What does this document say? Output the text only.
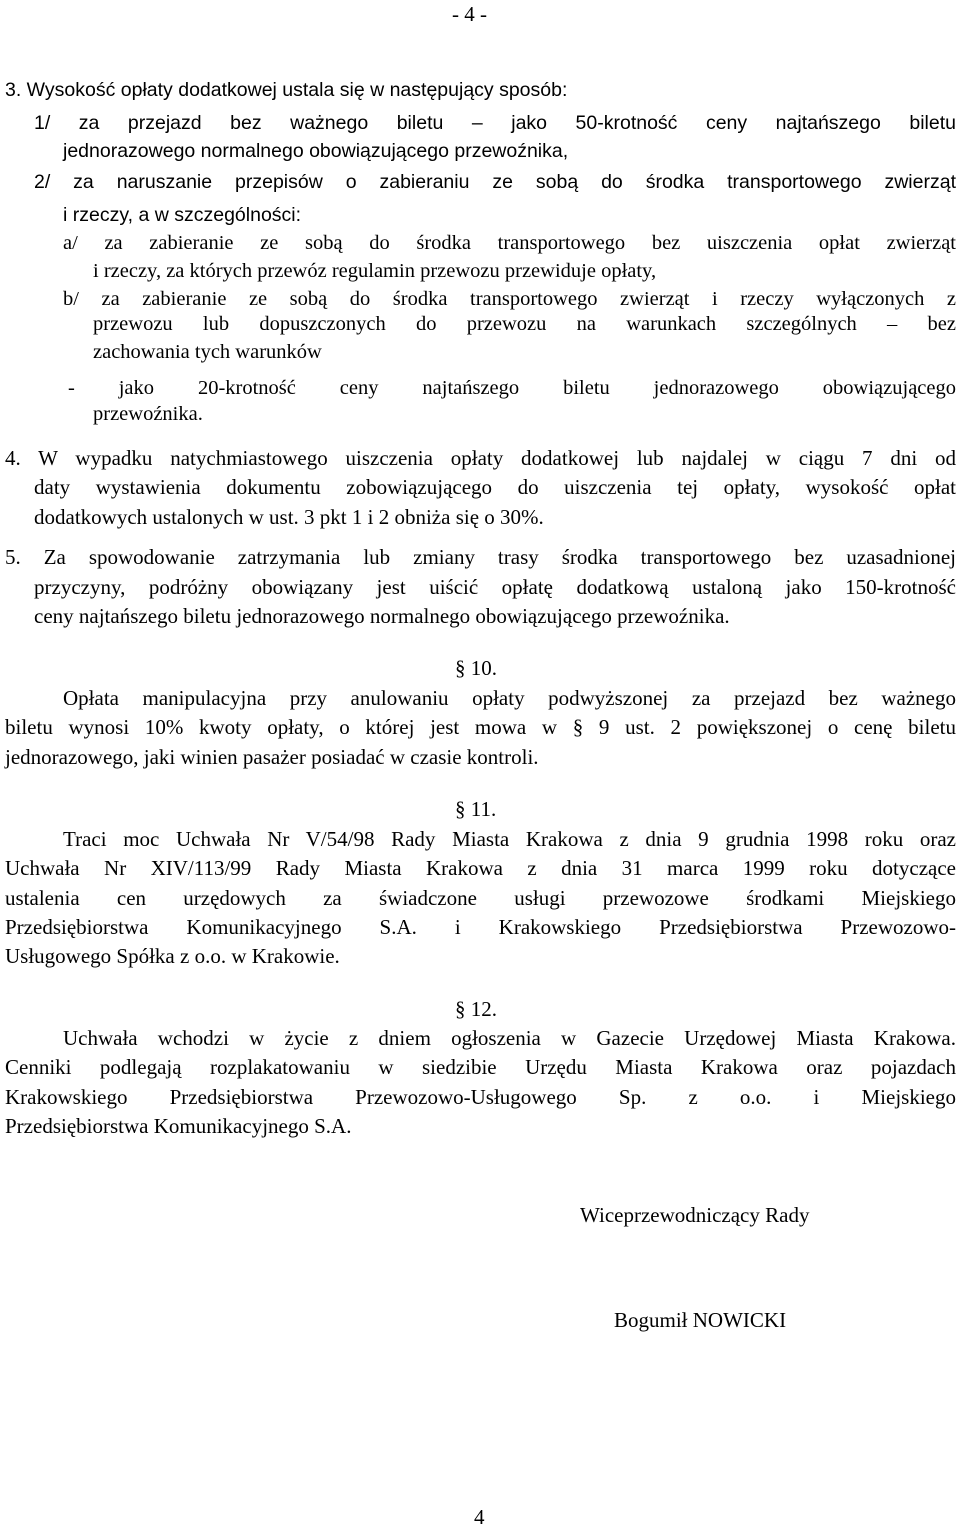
- 4 -
3. Wysokość opłaty dodatkowej ustala się w następujący sposób:
1/ za przejazd bez ważnego biletu – jako 50-krotność ceny najtańszego biletu
jednorazowego normalnego obowiązującego przewoźnika,
2/ za naruszanie przepisów o zabieraniu ze sobą do środka transportowego zwierząt
i rzeczy, a w szczególności:
a/ za zabieranie ze sobą do środka transportowego bez uiszczenia opłat zwierząt
i rzeczy, za których przewóz regulamin przewozu przewiduje opłaty,
b/ za zabieranie ze sobą do środka transportowego zwierząt i rzeczy wyłączonych z
przewozu lub dopuszczonych do przewozu na warunkach szczególnych – bez
zachowania tych warunków
- jako 20-krotność ceny najtańszego biletu jednorazowego obowiązującego
przewoźnika.
4. W wypadku natychmiastowego uiszczenia opłaty dodatkowej lub najdalej w ciągu 7 dni od
daty wystawienia dokumentu zobowiązującego do uiszczenia tej opłaty, wysokość opłat
dodatkowych ustalonych w ust. 3 pkt 1 i 2 obniża się o 30%.
5. Za spowodowanie zatrzymania lub zmiany trasy środka transportowego bez uzasadnionej
przyczyny, podróżny obowiązany jest uiścić opłatę dodatkową ustaloną jako 150-krotność
ceny najtańszego biletu jednorazowego normalnego obowiązującego przewoźnika.
§ 10.
Opłata manipulacyjna przy anulowaniu opłaty podwyższonej za przejazd bez ważnego
biletu wynosi 10% kwoty opłaty, o której jest mowa w § 9 ust. 2 powiększonej o cenę biletu
jednorazowego, jaki winien pasażer posiadać w czasie kontroli.
§ 11.
Traci moc Uchwała Nr V/54/98 Rady Miasta Krakowa z dnia 9 grudnia 1998 roku oraz
Uchwała Nr XIV/113/99 Rady Miasta Krakowa z dnia 31 marca 1999 roku dotyczące
ustalenia cen urzędowych za świadczone usługi przewozowe środkami Miejskiego
Przedsiębiorstwa Komunikacyjnego S.A. i Krakowskiego Przedsiębiorstwa Przewozowo-
Usługowego Spółka z o.o. w Krakowie.
§ 12.
Uchwała wchodzi w życie z dniem ogłoszenia w Gazecie Urzędowej Miasta Krakowa.
Cenniki podlegają rozplakatowaniu w siedzibie Urzędu Miasta Krakowa oraz pojazdach
Krakowskiego Przedsiębiorstwa Przewozowo-Usługowego Sp. z o.o. i Miejskiego
Przedsiębiorstwa Komunikacyjnego S.A.
Wiceprzewodniczący Rady
Bogumił NOWICKI
4
